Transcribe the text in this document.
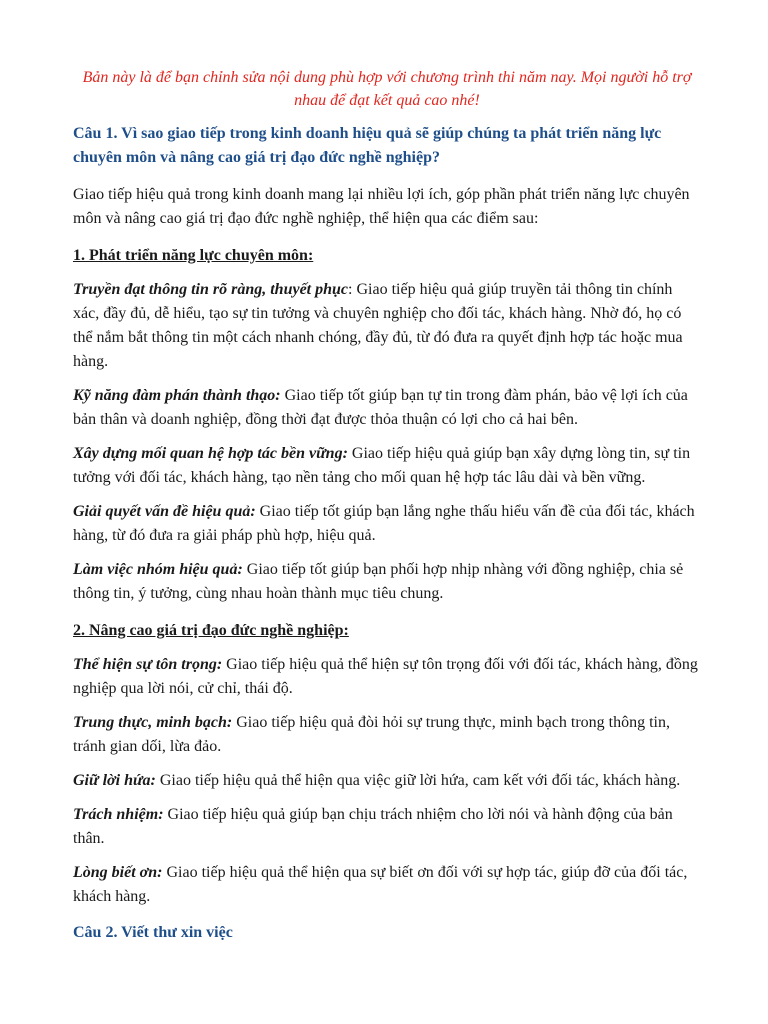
Bản này là để bạn chỉnh sửa nội dung phù hợp với chương trình thi năm nay. Mọi người hỗ trợ nhau để đạt kết quả cao nhé!

Câu 1. Vì sao giao tiếp trong kinh doanh hiệu quả sẽ giúp chúng ta phát triển năng lực chuyên môn và nâng cao giá trị đạo đức nghề nghiệp?

Giao tiếp hiệu quả trong kinh doanh mang lại nhiều lợi ích, góp phần phát triển năng lực chuyên môn và nâng cao giá trị đạo đức nghề nghiệp, thể hiện qua các điểm sau:

1. Phát triển năng lực chuyên môn:

Truyền đạt thông tin rõ ràng, thuyết phục: Giao tiếp hiệu quả giúp truyền tải thông tin chính xác, đầy đủ, dễ hiểu, tạo sự tin tưởng và chuyên nghiệp cho đối tác, khách hàng. Nhờ đó, họ có thể nắm bắt thông tin một cách nhanh chóng, đầy đủ, từ đó đưa ra quyết định hợp tác hoặc mua hàng.

Kỹ năng đàm phán thành thạo: Giao tiếp tốt giúp bạn tự tin trong đàm phán, bảo vệ lợi ích của bản thân và doanh nghiệp, đồng thời đạt được thỏa thuận có lợi cho cả hai bên.

Xây dựng mối quan hệ hợp tác bền vững: Giao tiếp hiệu quả giúp bạn xây dựng lòng tin, sự tin tưởng với đối tác, khách hàng, tạo nền tảng cho mối quan hệ hợp tác lâu dài và bền vững.

Giải quyết vấn đề hiệu quả: Giao tiếp tốt giúp bạn lắng nghe thấu hiểu vấn đề của đối tác, khách hàng, từ đó đưa ra giải pháp phù hợp, hiệu quả.

Làm việc nhóm hiệu quả: Giao tiếp tốt giúp bạn phối hợp nhịp nhàng với đồng nghiệp, chia sẻ thông tin, ý tưởng, cùng nhau hoàn thành mục tiêu chung.

2. Nâng cao giá trị đạo đức nghề nghiệp:

Thể hiện sự tôn trọng: Giao tiếp hiệu quả thể hiện sự tôn trọng đối với đối tác, khách hàng, đồng nghiệp qua lời nói, cử chỉ, thái độ.

Trung thực, minh bạch: Giao tiếp hiệu quả đòi hỏi sự trung thực, minh bạch trong thông tin, tránh gian dối, lừa đảo.

Giữ lời hứa: Giao tiếp hiệu quả thể hiện qua việc giữ lời hứa, cam kết với đối tác, khách hàng.

Trách nhiệm: Giao tiếp hiệu quả giúp bạn chịu trách nhiệm cho lời nói và hành động của bản thân.

Lòng biết ơn: Giao tiếp hiệu quả thể hiện qua sự biết ơn đối với sự hợp tác, giúp đỡ của đối tác, khách hàng.

Câu 2. Viết thư xin việc
